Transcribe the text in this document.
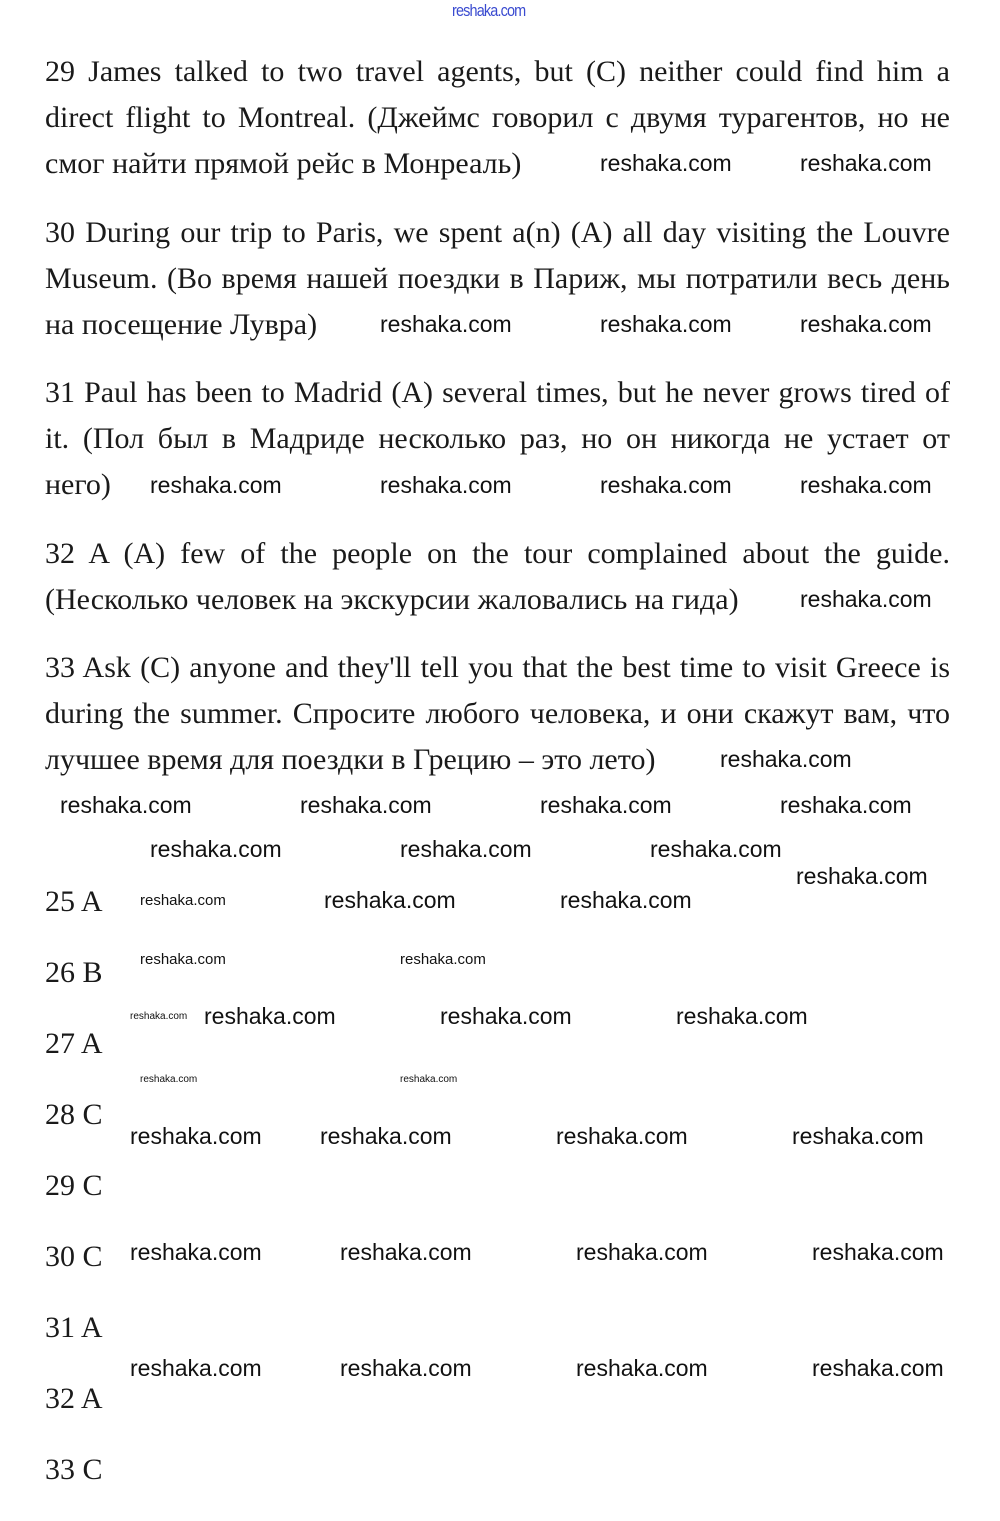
reshaka.com
29 James talked to two travel agents, but (C) neither could find him a
direct flight to Montreal. (Джеймс говорил с двумя турагентов, но не
смог найти прямой рейс в Монреаль)
30 During our trip to Paris, we spent a(n) (A) all day visiting the Louvre
Museum. (Во время нашей поездки в Париж, мы потратили весь день
на посещение Лувра)
31 Paul has been to Madrid (A) several times, but he never grows tired of
it. (Пол был в Мадриде несколько раз, но он никогда не устает от
него)
32 A (A) few of the people on the tour complained about the guide.
(Несколько человек на экскурсии жаловались на гида)
33 Ask (C) anyone and they'll tell you that the best time to visit Greece is
during the summer. Спросите любого человека, и они скажут вам, что
лучшее время для поездки в Грецию – это лето)
25 A
26 B
27 A
28 C
29 C
30 C
31 A
32 A
33 C
reshaka.com	reshaka.com
reshaka.com	reshaka.com	reshaka.com
reshaka.com	reshaka.com	reshaka.com	reshaka.com
reshaka.com
reshaka.com
reshaka.com	reshaka.com	reshaka.com	reshaka.com
reshaka.com	reshaka.com	reshaka.com
reshaka.com
reshaka.com	reshaka.com	reshaka.com
reshaka.com	reshaka.com
reshaka.com reshaka.com	reshaka.com	reshaka.com
reshaka.com	reshaka.com
reshaka.com	reshaka.com	reshaka.com	reshaka.com
reshaka.com	reshaka.com	reshaka.com	reshaka.com
reshaka.com	reshaka.com	reshaka.com	reshaka.com
